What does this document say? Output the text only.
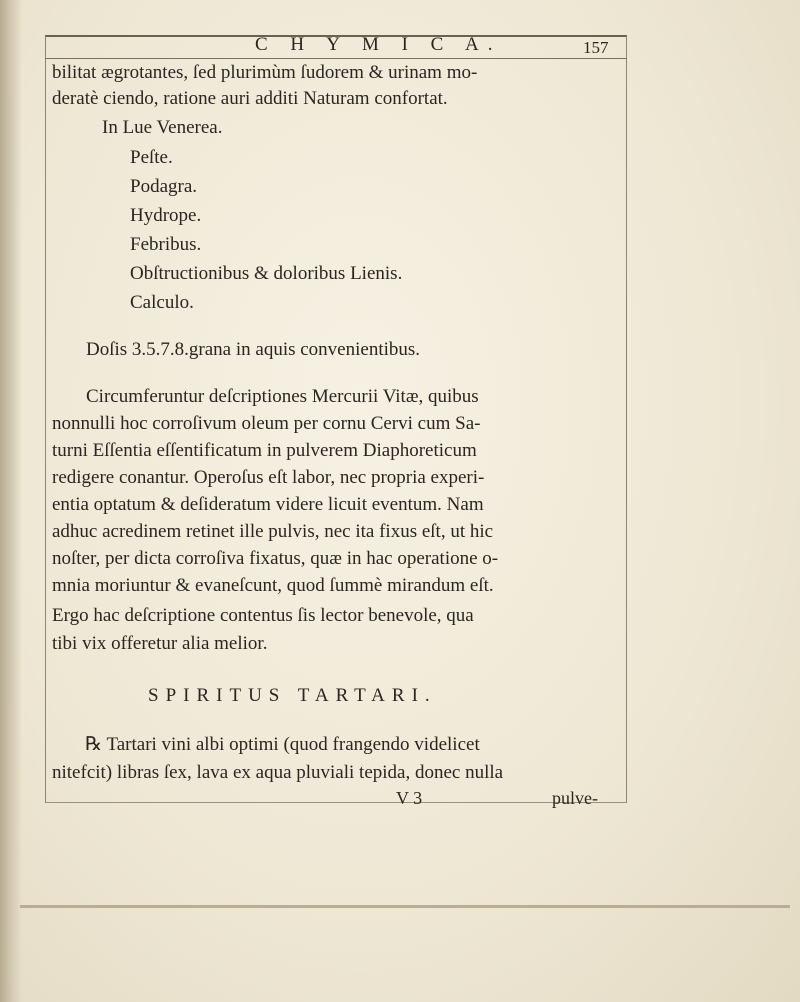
C H Y M I C A.	157
bilitat ægrotantes, ſed plurimùm ſudorem & urinam mo-
deratè ciendo, ratione auri additi Naturam confortat.
In Lue Venerea.
Peſte.
Podagra.
Hydrope.
Febribus.
Obſtructionibus & doloribus Lienis.
Calculo.
Doſis 3.5.7.8.grana in aquis convenientibus.
Circumferuntur deſcriptiones Mercurii Vitæ, quibus
nonnulli hoc corroſivum oleum per cornu Cervi cum Sa-
turni Eſſentia eſſentificatum in pulverem Diaphoreticum
redigere conantur. Operoſus eſt labor, nec propria experi-
entia optatum & deſideratum videre licuit eventum. Nam
adhuc acredinem retinet ille pulvis, nec ita fixus eſt, ut hic
noſter, per dicta corroſiva fixatus, quæ in hac operatione o-
mnia moriuntur & evaneſcunt, quod ſummè mirandum eſt.
Ergo hac deſcriptione contentus ſis lector benevole, qua
tibi vix offeretur alia melior.
SPIRITUS TARTARI.
℞ Tartari vini albi optimi (quod frangendo videlicet
nitefcit) libras ſex, lava ex aqua pluviali tepida, donec nulla
V 3	pulve-
